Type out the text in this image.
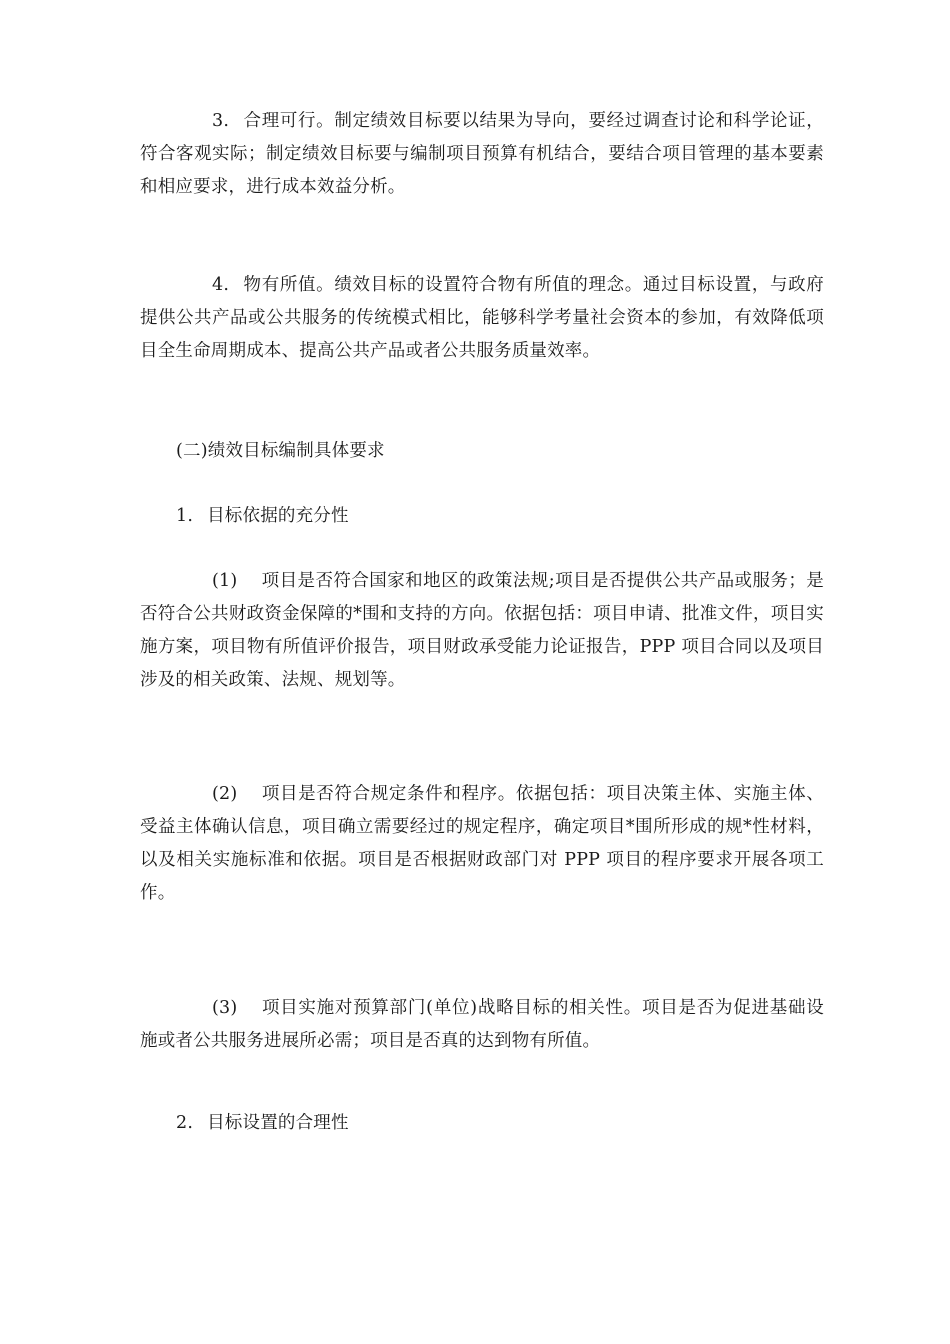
3. 合理可行。制定绩效目标要以结果为导向，要经过调查讨论和科学论证，符合客观实际；制定绩效目标要与编制项目预算有机结合，要结合项目管理的基本要素和相应要求，进行成本效益分析。

4. 物有所值。绩效目标的设置符合物有所值的理念。通过目标设置，与政府提供公共产品或公共服务的传统模式相比，能够科学考量社会资本的参加，有效降低项目全生命周期成本、提高公共产品或者公共服务质量效率。

(二)绩效目标编制具体要求

1. 目标依据的充分性

(1) 项目是否符合国家和地区的政策法规;项目是否提供公共产品或服务；是否符合公共财政资金保障的*围和支持的方向。依据包括：项目申请、批准文件，项目实施方案，项目物有所值评价报告，项目财政承受能力论证报告，PPP 项目合同以及项目涉及的相关政策、法规、规划等。

(2) 项目是否符合规定条件和程序。依据包括：项目决策主体、实施主体、受益主体确认信息，项目确立需要经过的规定程序，确定项目*围所形成的规*性材料，以及相关实施标准和依据。项目是否根据财政部门对 PPP 项目的程序要求开展各项工作。

(3) 项目实施对预算部门(单位)战略目标的相关性。项目是否为促进基础设施或者公共服务进展所必需；项目是否真的达到物有所值。

2. 目标设置的合理性
